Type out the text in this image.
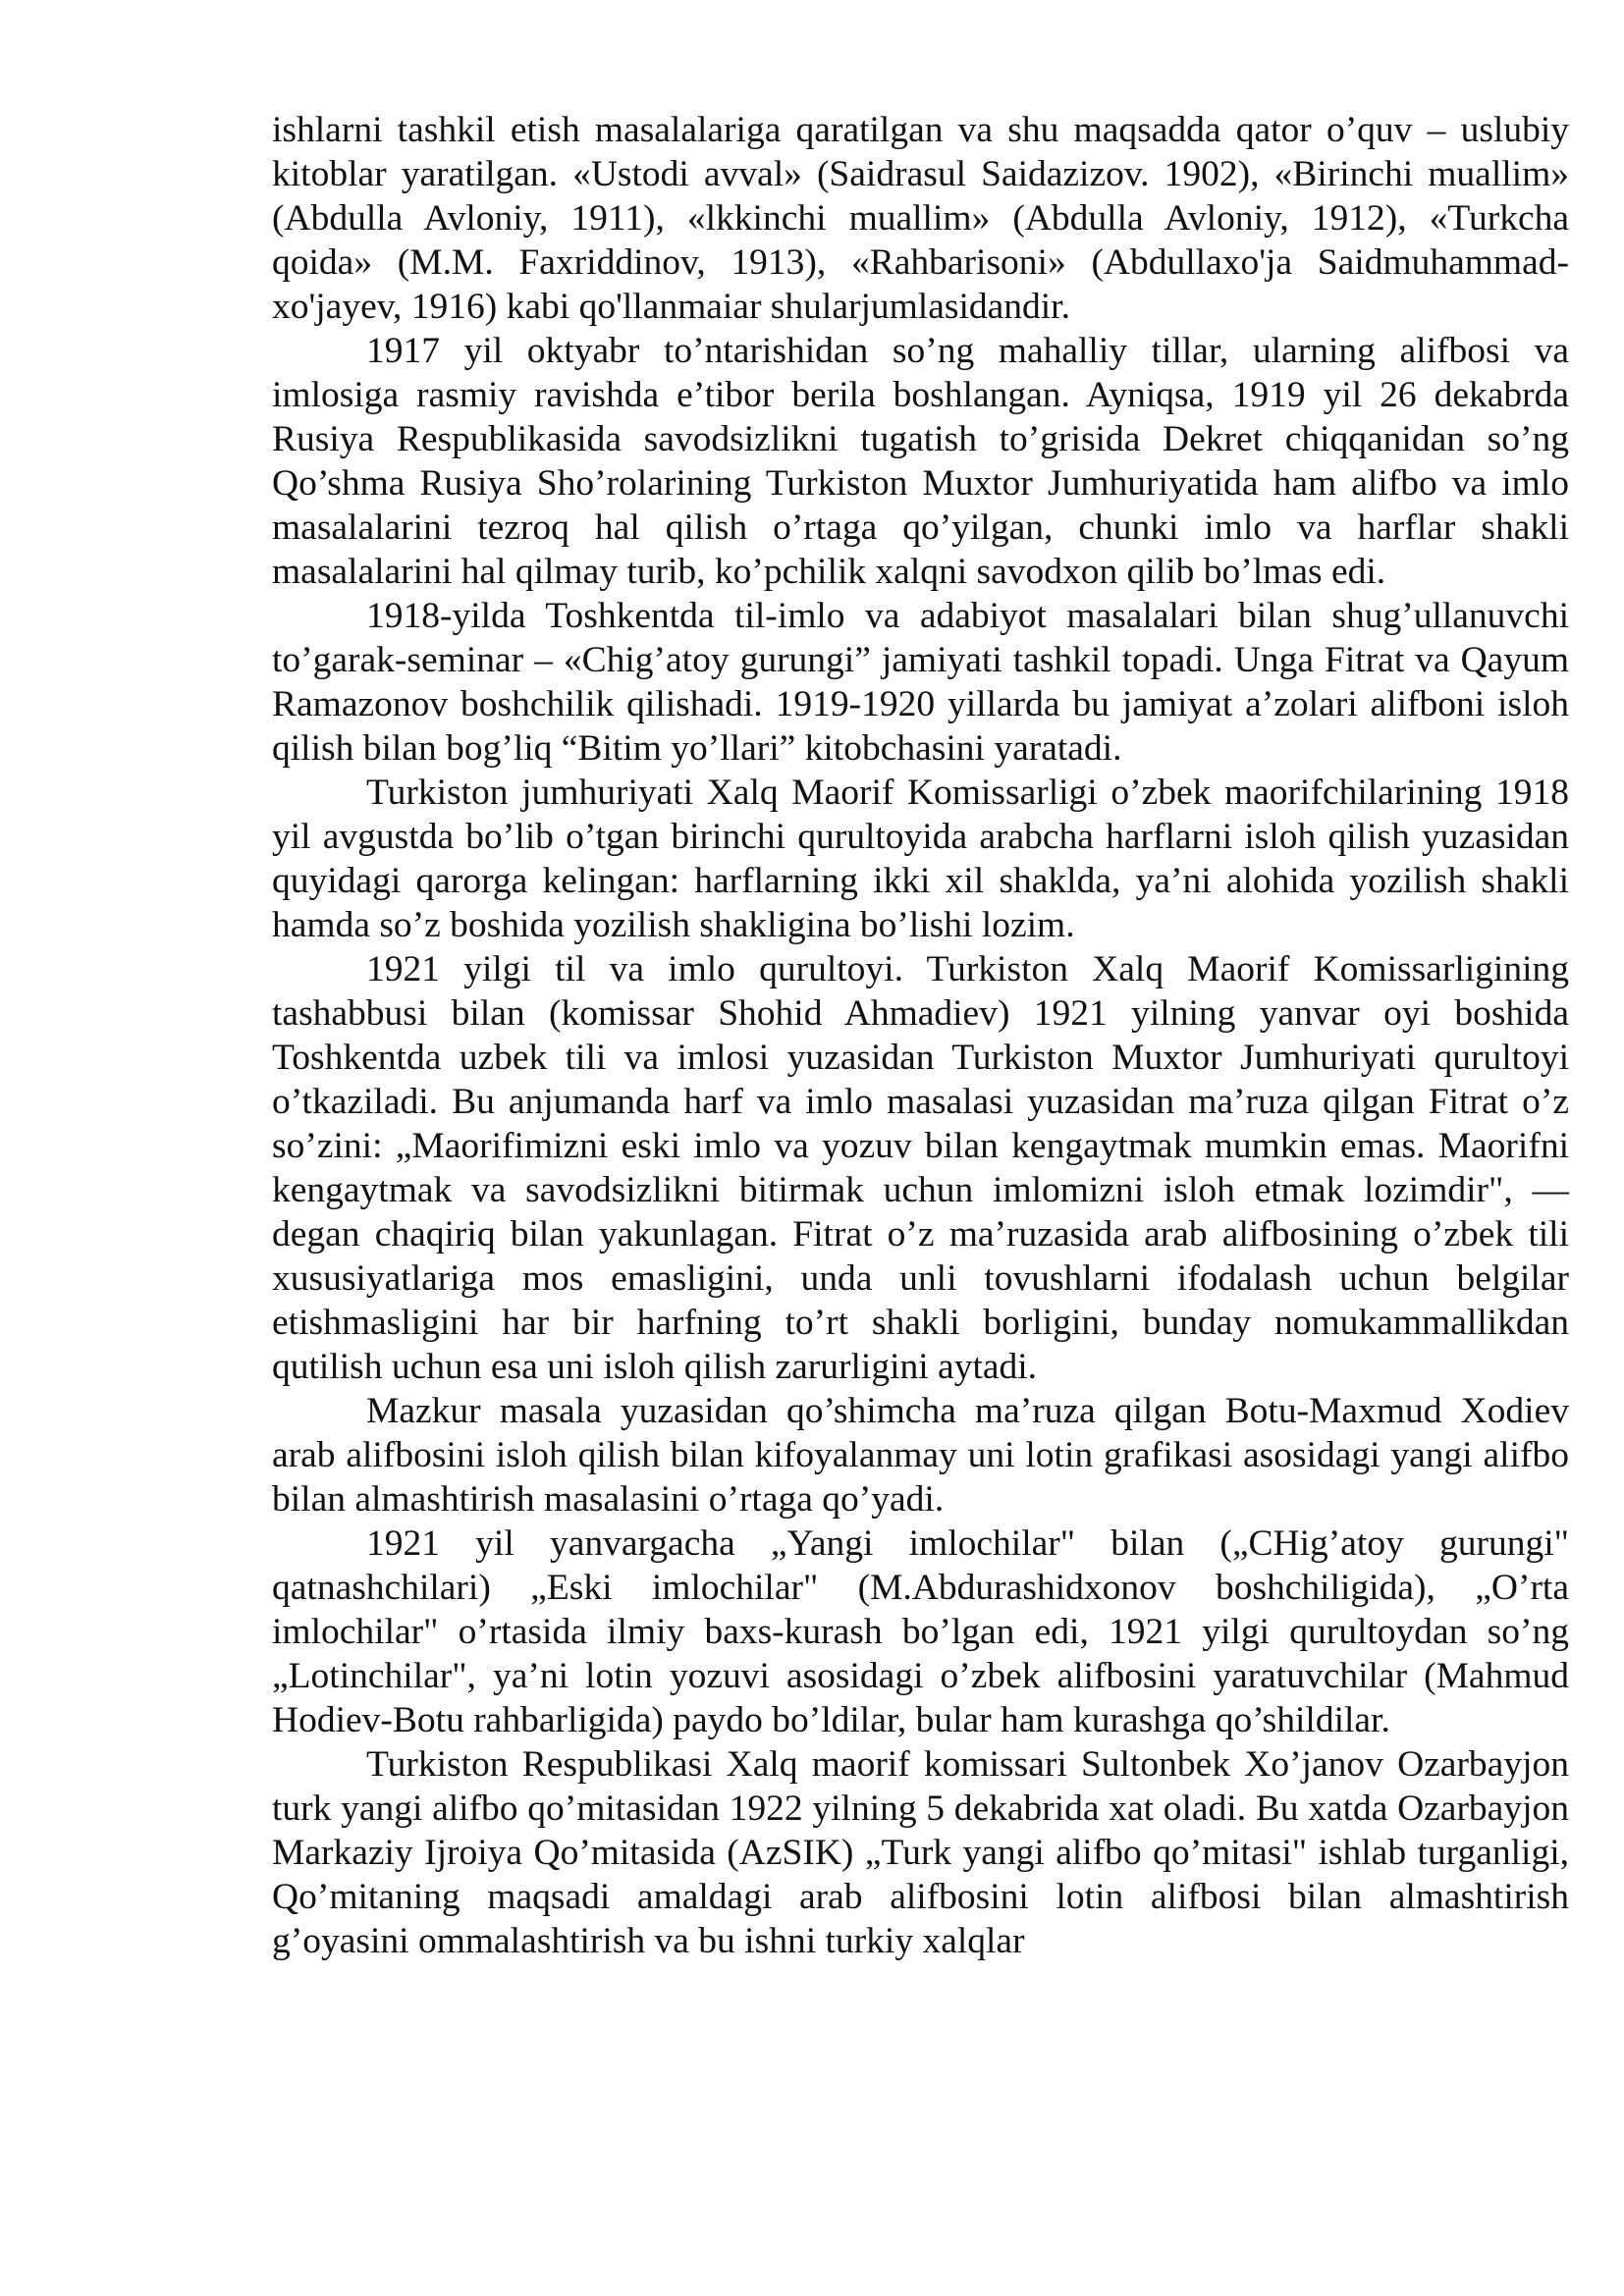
ishlarni tashkil etish masalalariga qaratilgan va shu maqsadda qator o’quv – uslubiy kitoblar yaratilgan. «Ustodi avval» (Saidrasul Saidazizov. 1902), «Birinchi muallim» (Abdulla Avloniy, 1911), «lkkinchi muallim» (Abdulla Avloniy, 1912), «Turkcha qoida» (M.M. Faxriddinov, 1913), «Rahbarisoni» (Abdullaxo'ja Saidmuhammad-xo'jayev, 1916) kabi qo'llanmaiar shularjumlasidandir.

1917 yil oktyabr to’ntarishidan so’ng mahalliy tillar, ularning alifbosi va imlosiga rasmiy ravishda e’tibor berila boshlangan. Ayniqsa, 1919 yil 26 dekabrda Rusiya Respublikasida savodsizlikni tugatish to’grisida Dekret chiqqanidan so’ng Qo’shma Rusiya Sho’rolarining Turkiston Muxtor Jumhuriyatida ham alifbo va imlo masalalarini tezroq hal qilish o’rtaga qo’yilgan, chunki imlo va harflar shakli masalalarini hal qilmay turib, ko’pchilik xalqni savodxon qilib bo’lmas edi.

1918-yilda Toshkentda til-imlo va adabiyot masalalari bilan shug’ullanuvchi to’garak-seminar – «Chig’atoy gurungi” jamiyati tashkil topadi. Unga Fitrat va Qayum Ramazonov boshchilik qilishadi. 1919-1920 yillarda bu jamiyat a’zolari alifboni isloh qilish bilan bog’liq “Bitim yo’llari” kitobchasini yaratadi.

Turkiston jumhuriyati Xalq Maorif Komissarligi o’zbek maorifchilarining 1918 yil avgustda bo’lib o’tgan birinchi qurultoyida arabcha harflarni isloh qilish yuzasidan quyidagi qarorga kelingan: harflarning ikki xil shaklda, ya’ni alohida yozilish shakli hamda so’z boshida yozilish shakligina bo’lishi lozim.

1921 yilgi til va imlo qurultoyi. Turkiston Xalq Maorif Komissarligining tashabbusi bilan (komissar Shohid Ahmadiev) 1921 yilning yanvar oyi boshida Toshkentda uzbek tili va imlosi yuzasidan Turkiston Muxtor Jumhuriyati qurultoyi o’tkaziladi. Bu anjumanda harf va imlo masalasi yuzasidan ma’ruza qilgan Fitrat o’z so’zini: „Maorifimizni eski imlo va yozuv bilan kengaytmak mumkin emas. Maorifni kengaytmak va savodsizlikni bitirmak uchun imlomizni isloh etmak lozimdir", — degan chaqiriq bilan yakunlagan. Fitrat o’z ma’ruzasida arab alifbosining o’zbek tili xususiyatlariga mos emasligini, unda unli tovushlarni ifodalash uchun belgilar etishmasligini har bir harfning to’rt shakli borligini, bunday nomukammallikdan qutilish uchun esa uni isloh qilish zarurligini aytadi.

Mazkur masala yuzasidan qo’shimcha ma’ruza qilgan Botu-Maxmud Xodiev arab alifbosini isloh qilish bilan kifoyalanmay uni lotin grafikasi asosidagi yangi alifbo bilan almashtirish masalasini o’rtaga qo’yadi.

1921 yil yanvargacha „Yangi imlochilar" bilan („CHig’atoy gurungi" qatnashchilari) „Eski imlochilar" (M.Abdurashidxonov boshchiligida), „O’rta imlochilar" o’rtasida ilmiy baxs-kurash bo’lgan edi, 1921 yilgi qurultoydan so’ng „Lotinchilar", ya’ni lotin yozuvi asosidagi o’zbek alifbosini yaratuvchilar (Mahmud Hodiev-Botu rahbarligida) paydo bo’ldilar, bular ham kurashga qo’shildilar.

Turkiston Respublikasi Xalq maorif komissari Sultonbek Xo’janov Ozarbayjon turk yangi alifbo qo’mitasidan 1922 yilning 5 dekabrida xat oladi. Bu xatda Ozarbayjon Markaziy Ijroiya Qo’mitasida (AzSIK) „Turk yangi alifbo qo’mitasi" ishlab turganligi, Qo’mitaning maqsadi amaldagi arab alifbosini lotin alifbosi bilan almashtirish g’oyasini ommalashtirish va bu ishni turkiy xalqlar
